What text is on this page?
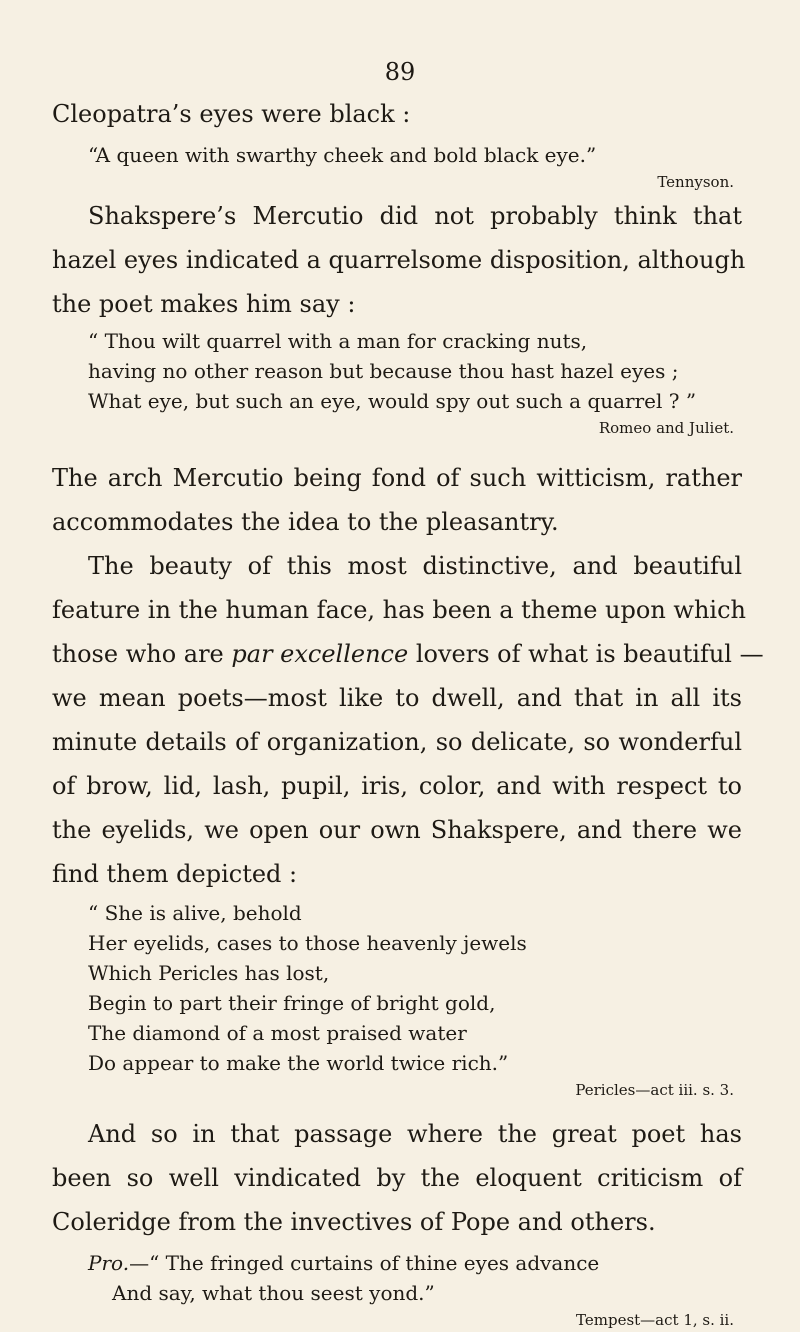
89
Cleopatra’s eyes were black :
“A queen with swarthy cheek and bold black eye.”
Tennyson.
Shakspere’s Mercutio did not probably think that
hazel eyes indicated a quarrelsome disposition, although
the poet makes him say :
“ Thou wilt quarrel with a man for cracking nuts,
having no other reason but because thou hast hazel eyes ;
What eye, but such an eye, would spy out such a quarrel ? ”
Romeo and Juliet.
The arch Mercutio being fond of such witticism, rather
accommodates the idea to the pleasantry.
The beauty of this most distinctive, and beautiful
feature in the human face, has been a theme upon which
those who are par excellence lovers of what is beautiful —
we mean poets—most like to dwell, and that in all its
minute details of organization, so delicate, so wonderful
of brow, lid, lash, pupil, iris, color, and with respect to
the eyelids, we open our own Shakspere, and there we
find them depicted :
“ She is alive, behold
Her eyelids, cases to those heavenly jewels
Which Pericles has lost,
Begin to part their fringe of bright gold,
The diamond of a most praised water
Do appear to make the world twice rich.”
Pericles—act iii. s. 3.
And so in that passage where the great poet has
been so well vindicated by the eloquent criticism of
Coleridge from the invectives of Pope and others.
Pro.—“ The fringed curtains of thine eyes advance
And say, what thou seest yond.”
Tempest—act 1, s. ii.
